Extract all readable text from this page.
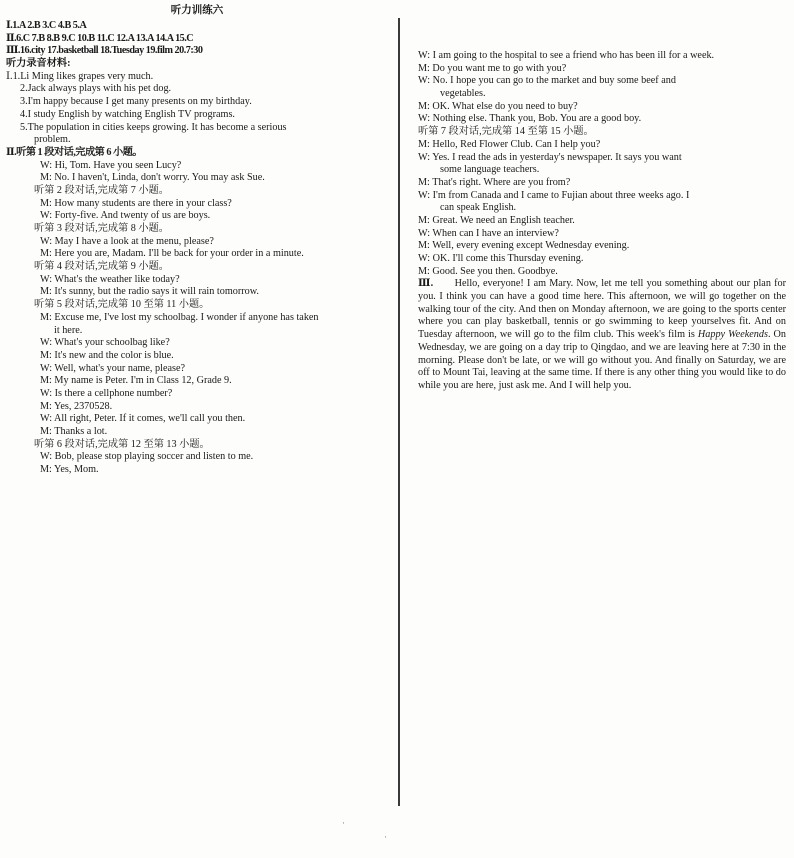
听力训练六
Ⅰ.1.A 2.B 3.C 4.B 5.A
Ⅱ.6.C 7.B 8.B 9.C 10.B 11.C 12.A 13.A 14.A 15.C
Ⅲ.16.city 17.basketball 18.Tuesday 19.film 20.7:30
听力录音材料:
Ⅰ.1.Li Ming likes grapes very much.
2.Jack always plays with his pet dog.
3.I'm happy because I get many presents on my birthday.
4.I study English by watching English TV programs.
5.The population in cities keeps growing. It has become a serious
problem.
Ⅱ.听第 1 段对话,完成第 6 小题。
W: Hi, Tom. Have you seen Lucy?
M: No. I haven't, Linda, don't worry. You may ask Sue.
听第 2 段对话,完成第 7 小题。
M: How many students are there in your class?
W: Forty-five. And twenty of us are boys.
听第 3 段对话,完成第 8 小题。
W: May I have a look at the menu, please?
M: Here you are, Madam. I'll be back for your order in a minute.
听第 4 段对话,完成第 9 小题。
W: What's the weather like today?
M: It's sunny, but the radio says it will rain tomorrow.
听第 5 段对话,完成第 10 至第 11 小题。
M: Excuse me, I've lost my schoolbag. I wonder if anyone has taken
it here.
W: What's your schoolbag like?
M: It's new and the color is blue.
W: Well, what's your name, please?
M: My name is Peter. I'm in Class 12, Grade 9.
W: Is there a cellphone number?
M: Yes, 2370528.
W: All right, Peter. If it comes, we'll call you then.
M: Thanks a lot.
听第 6 段对话,完成第 12 至第 13 小题。
W: Bob, please stop playing soccer and listen to me.
M: Yes, Mom.
W: I am going to the hospital to see a friend who has been ill for a week.
M: Do you want me to go with you?
W: No. I hope you can go to the market and buy some beef and
vegetables.
M: OK. What else do you need to buy?
W: Nothing else. Thank you, Bob. You are a good boy.
听第 7 段对话,完成第 14 至第 15 小题。
M: Hello, Red Flower Club. Can I help you?
W: Yes. I read the ads in yesterday's newspaper. It says you want
some language teachers.
M: That's right. Where are you from?
W: I'm from Canada and I came to Fujian about three weeks ago. I
can speak English.
M: Great. We need an English teacher.
W: When can I have an interview?
M: Well, every evening except Wednesday evening.
W: OK. I'll come this Thursday evening.
M: Good. See you then. Goodbye.
Ⅲ. Hello, everyone! I am Mary. Now, let me tell you something about our plan for you. I think you can have a good time here. This afternoon, we will go together on the walking tour of the city. And then on Monday afternoon, we are going to the sports center where you can play basketball, tennis or go swimming to keep yourselves fit. And on Tuesday afternoon, we will go to the film club. This week's film is Happy Weekends. On Wednesday, we are going on a day trip to Qingdao, and we are leaving here at 7:30 in the morning. Please don't be late, or we will go without you. And finally on Saturday, we are off to Mount Tai, leaving at the same time. If there is any other thing you would like to do while you are here, just ask me. And I will help you.
·
·
